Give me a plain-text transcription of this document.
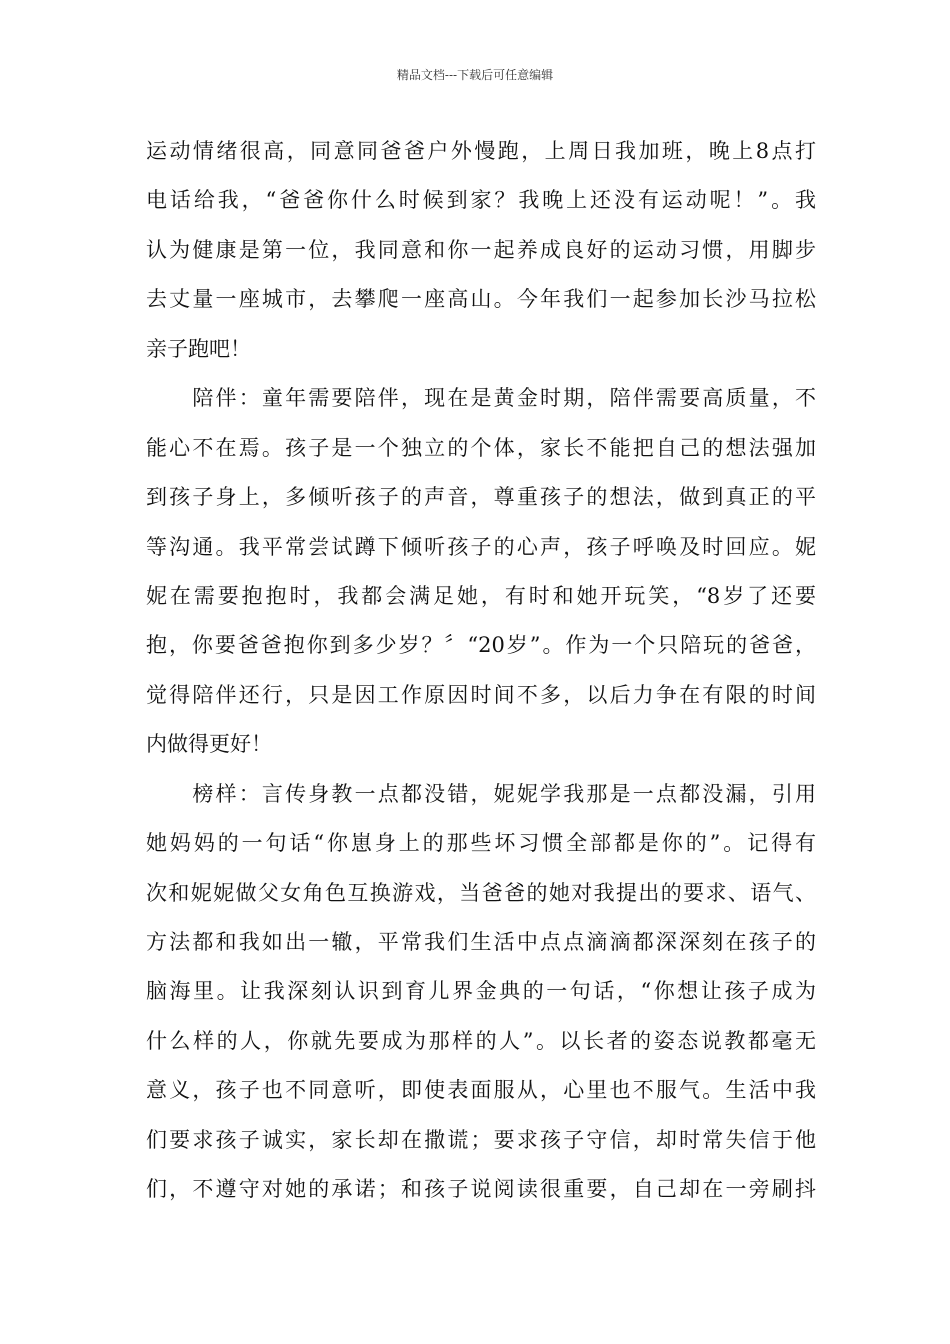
精品文档---下载后可任意编辑
运动情绪很高，同意同爸爸户外慢跑，上周日我加班，晚上8点打
电话给我，“爸爸你什么时候到家？我晚上还没有运动呢！”。我
认为健康是第一位，我同意和你一起养成良好的运动习惯，用脚步
去丈量一座城市，去攀爬一座高山。今年我们一起参加长沙马拉松
亲子跑吧！
　　陪伴：童年需要陪伴，现在是黄金时期，陪伴需要高质量，不
能心不在焉。孩子是一个独立的个体，家长不能把自己的想法强加
到孩子身上，多倾听孩子的声音，尊重孩子的想法，做到真正的平
等沟通。我平常尝试蹲下倾听孩子的心声，孩子呼唤及时回应。妮
妮在需要抱抱时，我都会满足她，有时和她开玩笑，“8岁了还要
抱，你要爸爸抱你到多少岁？〞“20岁”。作为一个只陪玩的爸爸，
觉得陪伴还行，只是因工作原因时间不多，以后力争在有限的时间
内做得更好！
　　榜样：言传身教一点都没错，妮妮学我那是一点都没漏，引用
她妈妈的一句话“你崽身上的那些坏习惯全部都是你的”。记得有
次和妮妮做父女角色互换游戏，当爸爸的她对我提出的要求、语气、
方法都和我如出一辙，平常我们生活中点点滴滴都深深刻在孩子的
脑海里。让我深刻认识到育儿界金典的一句话，“你想让孩子成为
什么样的人，你就先要成为那样的人”。以长者的姿态说教都毫无
意义，孩子也不同意听，即使表面服从，心里也不服气。生活中我
们要求孩子诚实，家长却在撒谎；要求孩子守信，却时常失信于他
们，不遵守对她的承诺；和孩子说阅读很重要，自己却在一旁刷抖
